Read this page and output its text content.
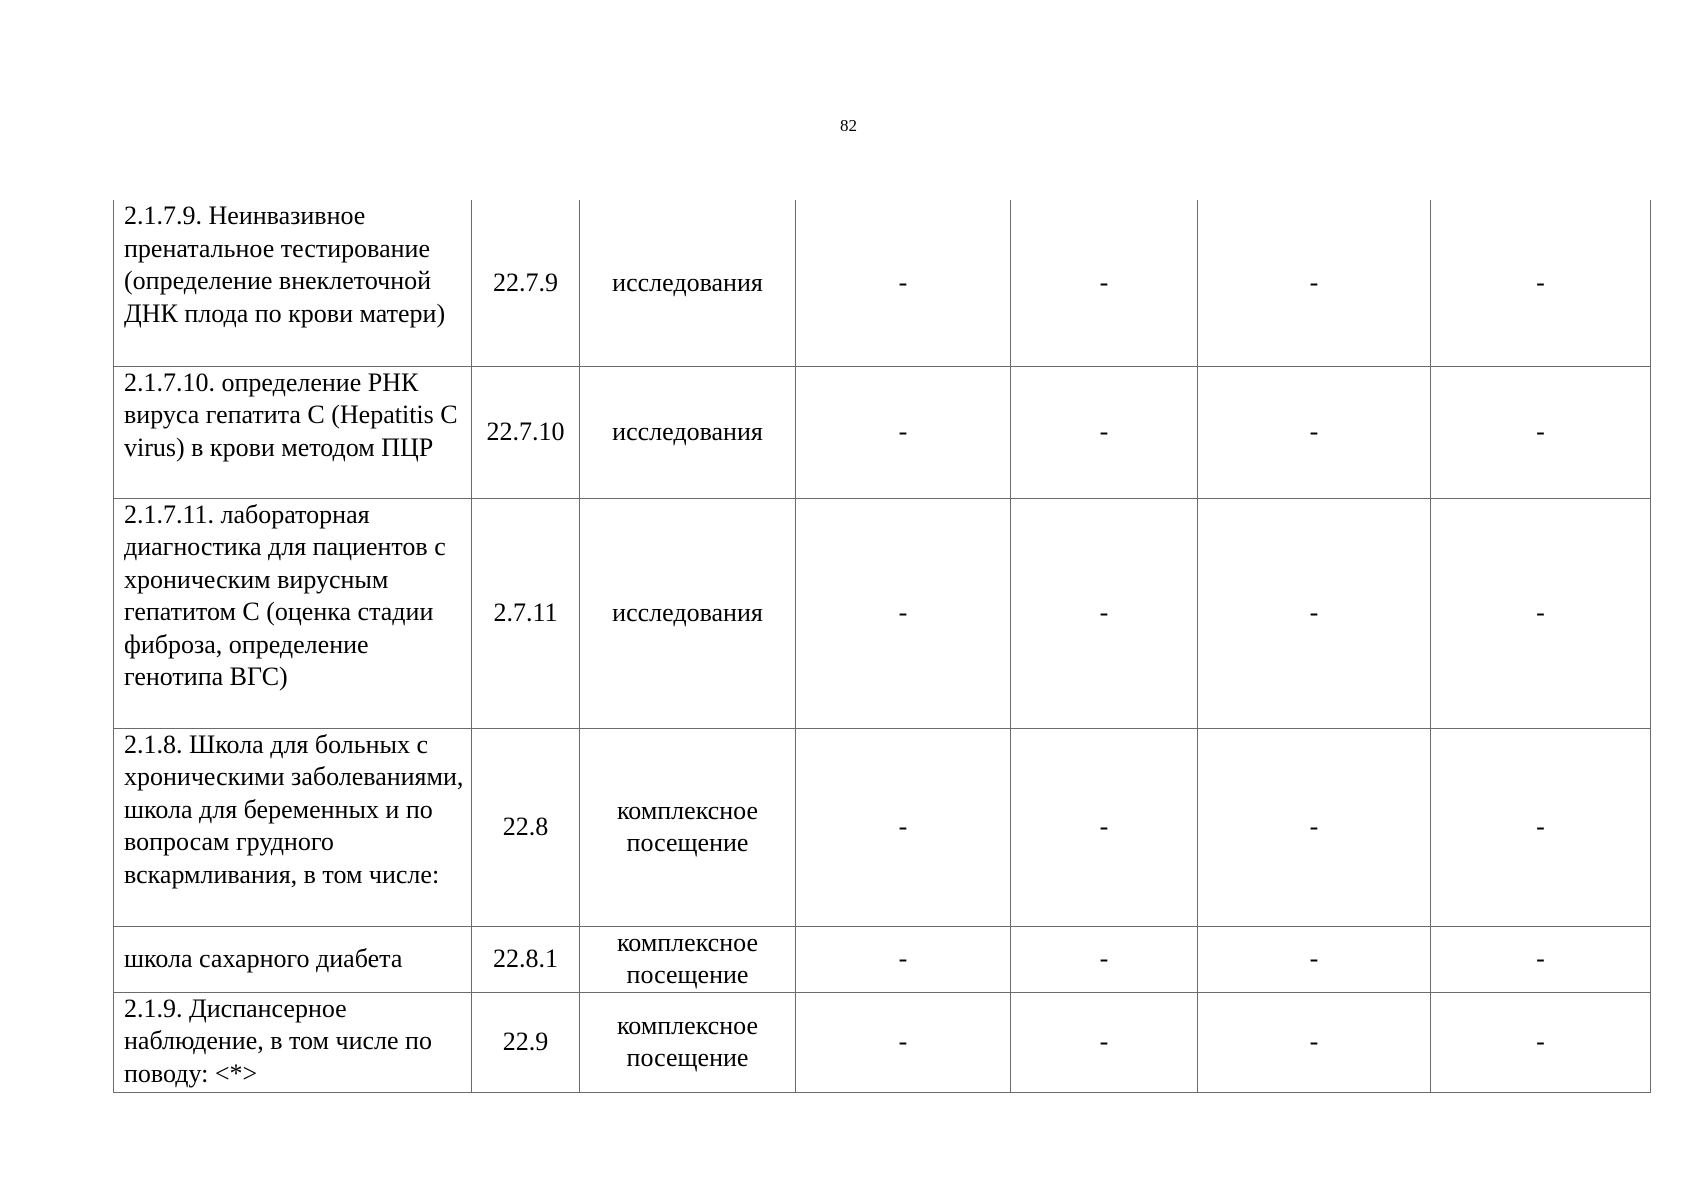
82
2.1.7.9. Неинвазивное пренатальное тестирование (определение внеклеточной ДНК плода по крови матери)	22.7.9	исследования	-	-	-	-
2.1.7.10. определение РНК вируса гепатита С (Hepatitis C virus) в крови методом ПЦР	22.7.10	исследования	-	-	-	-
2.1.7.11. лабораторная диагностика для пациентов с хроническим вирусным гепатитом С (оценка стадии фиброза, определение генотипа ВГС)	2.7.11	исследования	-	-	-	-
2.1.8. Школа для больных с хроническими заболеваниями, школа для беременных и по вопросам грудного вскармливания, в том числе:	22.8	комплексное посещение	-	-	-	-
школа сахарного диабета	22.8.1	комплексное посещение	-	-	-	-
2.1.9. Диспансерное наблюдение, в том числе по поводу: <*>	22.9	комплексное посещение	-	-	-	-
